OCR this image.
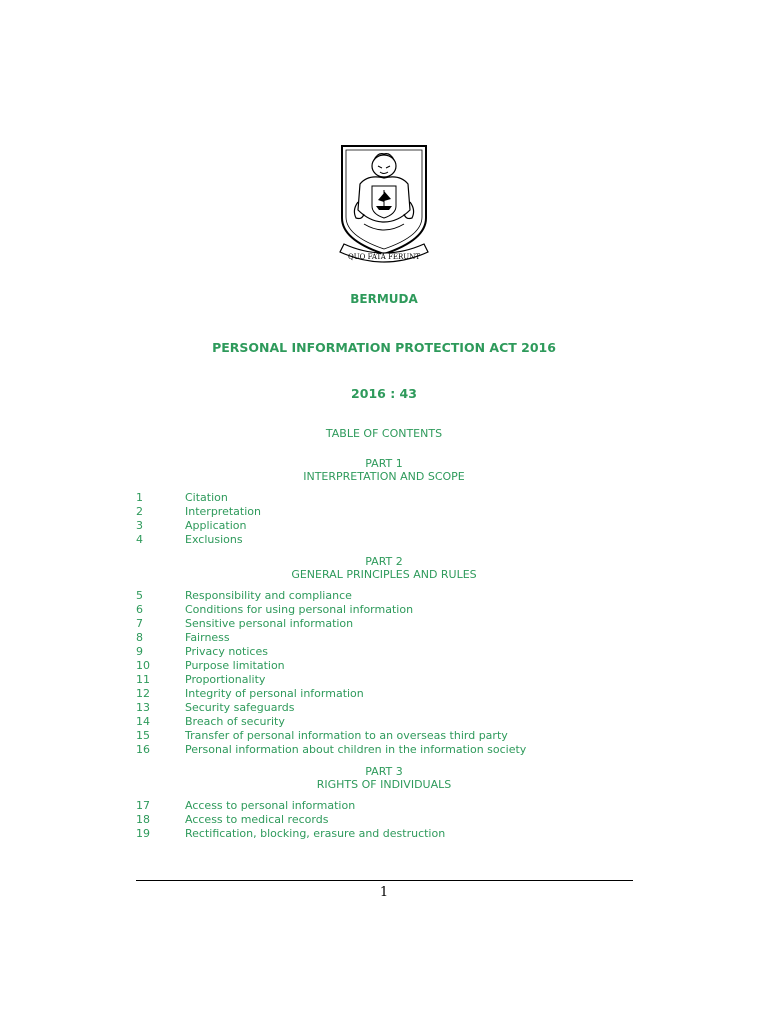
QUO FATA FERUNT
BERMUDA
PERSONAL INFORMATION PROTECTION ACT 2016
2016 : 43
TABLE OF CONTENTS
PART 1
INTERPRETATION AND SCOPE
1	Citation
2	Interpretation
3	Application
4	Exclusions
PART 2
GENERAL PRINCIPLES AND RULES
5	Responsibility and compliance
6	Conditions for using personal information
7	Sensitive personal information
8	Fairness
9	Privacy notices
10	Purpose limitation
11	Proportionality
12	Integrity of personal information
13	Security safeguards
14	Breach of security
15	Transfer of personal information to an overseas third party
16	Personal information about children in the information society
PART 3
RIGHTS OF INDIVIDUALS
17	Access to personal information
18	Access to medical records
19	Rectification, blocking, erasure and destruction
1
